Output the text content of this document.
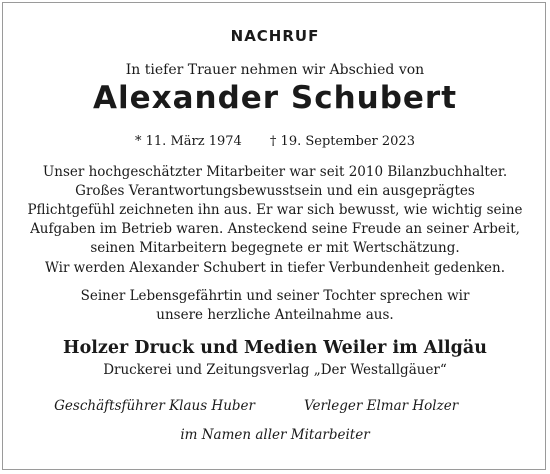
NACHRUF
In tiefer Trauer nehmen wir Abschied von
Alexander Schubert
* 11. März 1974 † 19. September 2023
Unser hochgeschätzter Mitarbeiter war seit 2010 Bilanzbuchhalter.
Großes Verantwortungsbewusstsein und ein ausgeprägtes
Pflichtgefühl zeichneten ihn aus. Er war sich bewusst, wie wichtig seine
Aufgaben im Betrieb waren. Ansteckend seine Freude an seiner Arbeit,
seinen Mitarbeitern begegnete er mit Wertschätzung.
Wir werden Alexander Schubert in tiefer Verbundenheit gedenken.
Seiner Lebensgefährtin und seiner Tochter sprechen wir
unsere herzliche Anteilnahme aus.
Holzer Druck und Medien Weiler im Allgäu
Druckerei und Zeitungsverlag „Der Westallgäuer“
Geschäftsführer Klaus Huber	Verleger Elmar Holzer
im Namen aller Mitarbeiter
